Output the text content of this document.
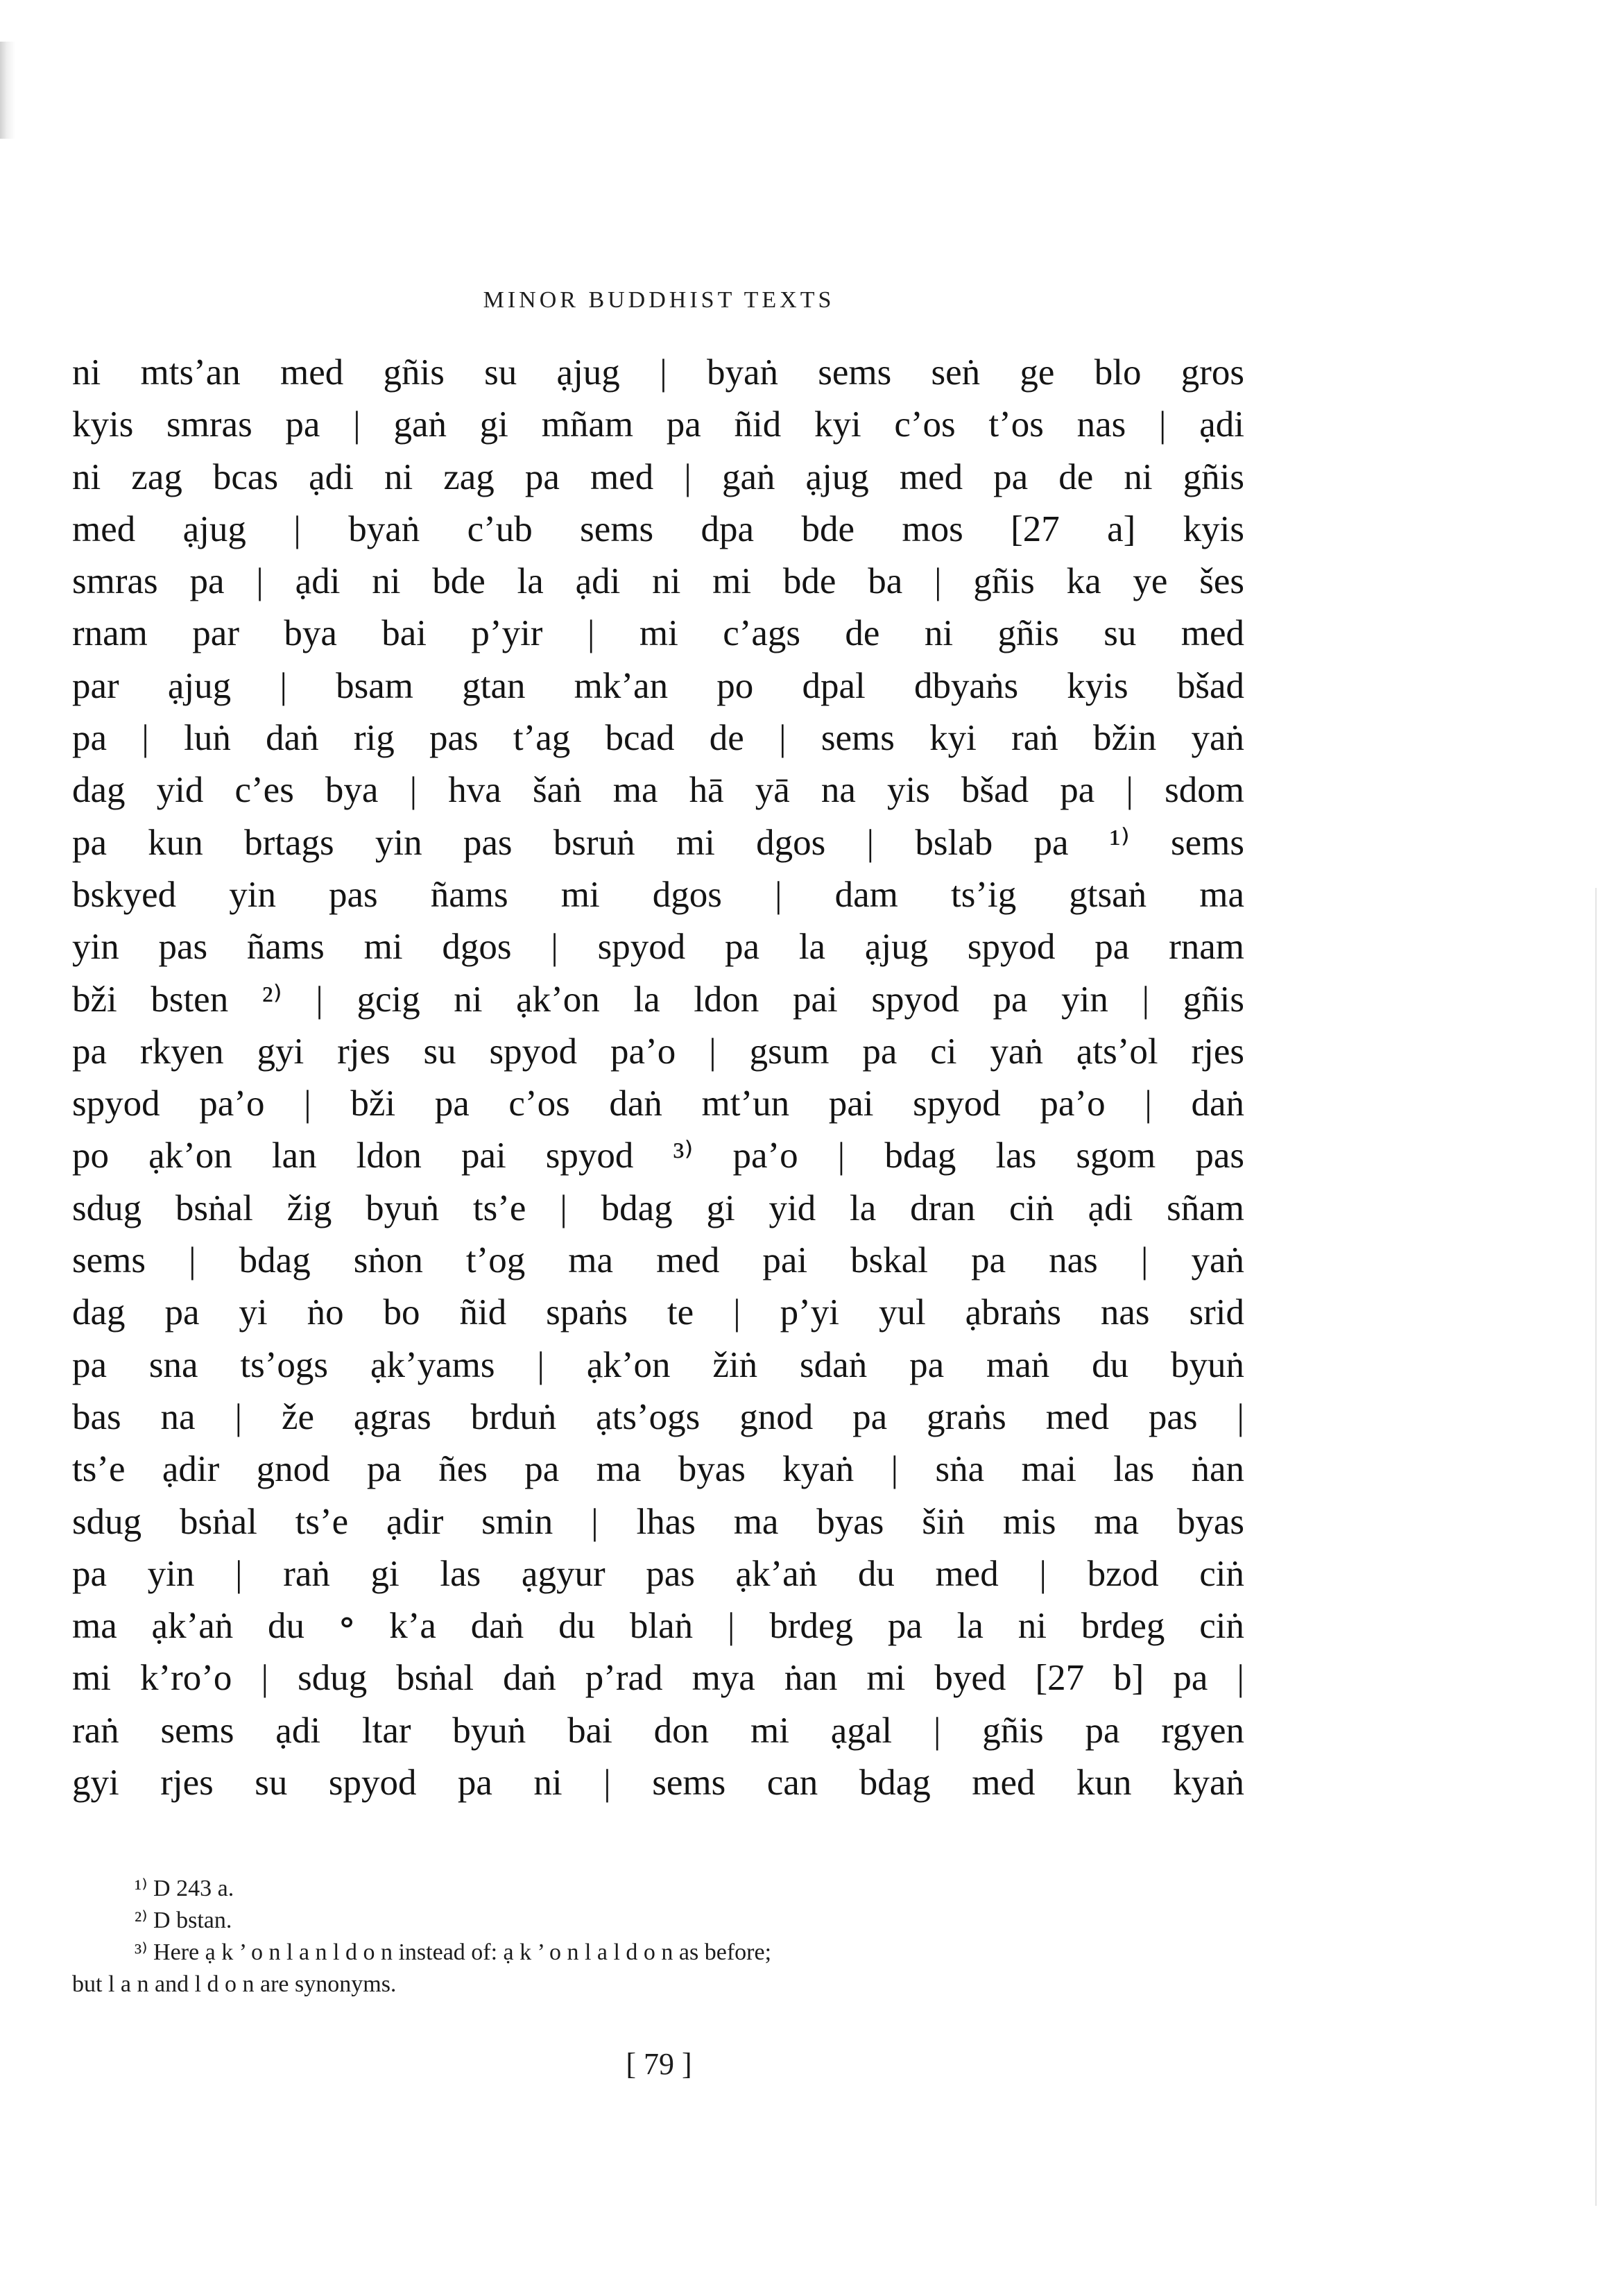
MINOR BUDDHIST TEXTS
ni mts’an med gñis su ạjug | byaṅ sems seṅ ge blo gros
kyis smras pa | gaṅ gi mñam pa ñid kyi c’os t’os nas | ạdi
ni zag bcas ạdi ni zag pa med | gaṅ ạjug med pa de ni gñis
med ạjug | byaṅ c’ub sems dpa bde mos [27 a] kyis
smras pa | ạdi ni bde la ạdi ni mi bde ba | gñis ka ye šes
rnam par bya bai p’yir | mi c’ags de ni gñis su med
par ạjug | bsam gtan mk’an po dpal dbyaṅs kyis bšad
pa | luṅ daṅ rig pas t’ag bcad de | sems kyi raṅ bžin yaṅ
dag yid c’es bya | hva šaṅ ma hā yā na yis bšad pa | sdom
pa kun brtags yin pas bsruṅ mi dgos | bslab pa ¹⁾ sems
bskyed yin pas ñams mi dgos | dam ts’ig gtsaṅ ma
yin pas ñams mi dgos | spyod pa la ạjug spyod pa rnam
bži bsten ²⁾ | gcig ni ạk’on la ldon pai spyod pa yin | gñis
pa rkyen gyi rjes su spyod pa’o | gsum pa ci yaṅ ạts’ol rjes
spyod pa’o | bži pa c’os daṅ mt’un pai spyod pa’o | daṅ
po ạk’on lan ldon pai spyod ³⁾ pa’o | bdag las sgom pas
sdug bsṅal žig byuṅ ts’e | bdag gi yid la dran ciṅ ạdi sñam
sems | bdag sṅon t’og ma med pai bskal pa nas | yaṅ
dag pa yi ṅo bo ñid spaṅs te | p’yi yul ạbraṅs nas srid
pa sna ts’ogs ạk’yams | ạk’on žiṅ sdaṅ pa maṅ du byuṅ
bas na | že ạgras brduṅ ạts’ogs gnod pa graṅs med pas |
ts’e ạdir gnod pa ñes pa ma byas kyaṅ | sṅa mai las ṅan
sdug bsṅal ts’e ạdir smin | lhas ma byas šiṅ mis ma byas
pa yin | raṅ gi las ạgyur pas ạk’aṅ du med | bzod ciṅ
ma ạk’aṅ du ॰ k’a daṅ du blaṅ | brdeg pa la ni brdeg ciṅ
mi k’ro’o | sdug bsṅal daṅ p’rad mya ṅan mi byed [27 b] pa |
raṅ sems ạdi ltar byuṅ bai don mi ạgal | gñis pa rgyen
gyi rjes su spyod pa ni | sems can bdag med kun kyaṅ
¹⁾ D 243 a.
²⁾ D bstan.
³⁾ Here ạ k ’ o n l a n l d o n instead of: ạ k ’ o n l a l d o n as before;
but l a n and l d o n are synonyms.
[ 79 ]
